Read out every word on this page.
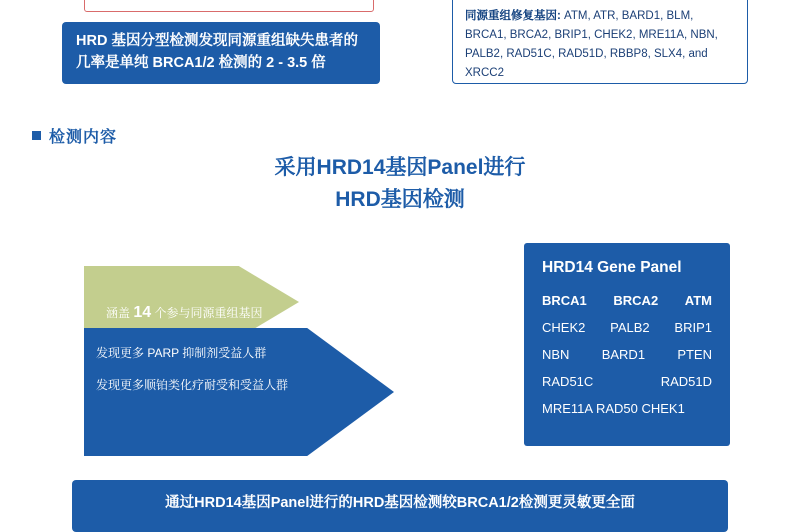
HRD 基因分型检测发现同源重组缺失患者的几率是单纯 BRCA1/2 检测的 2 - 3.5 倍
同源重组修复基因: ATM, ATR, BARD1, BLM, BRCA1, BRCA2, BRIP1, CHEK2, MRE11A, NBN, PALB2, RAD51C, RAD51D, RBBP8, SLX4, and XRCC2
检测内容
采用HRD14基因Panel进行
HRD基因检测
涵盖 14 个参与同源重组基因
发现更多 PARP 抑制剂受益人群
发现更多顺铂类化疗耐受和受益人群
HRD14 Gene Panel
BRCA1 BRCA2 ATM
CHEK2 PALB2 BRIP1
NBN BARD1 PTEN
RAD51C	RAD51D
MRE11A RAD50 CHEK1
通过HRD14基因Panel进行的HRD基因检测较BRCA1/2检测更灵敏更全面
